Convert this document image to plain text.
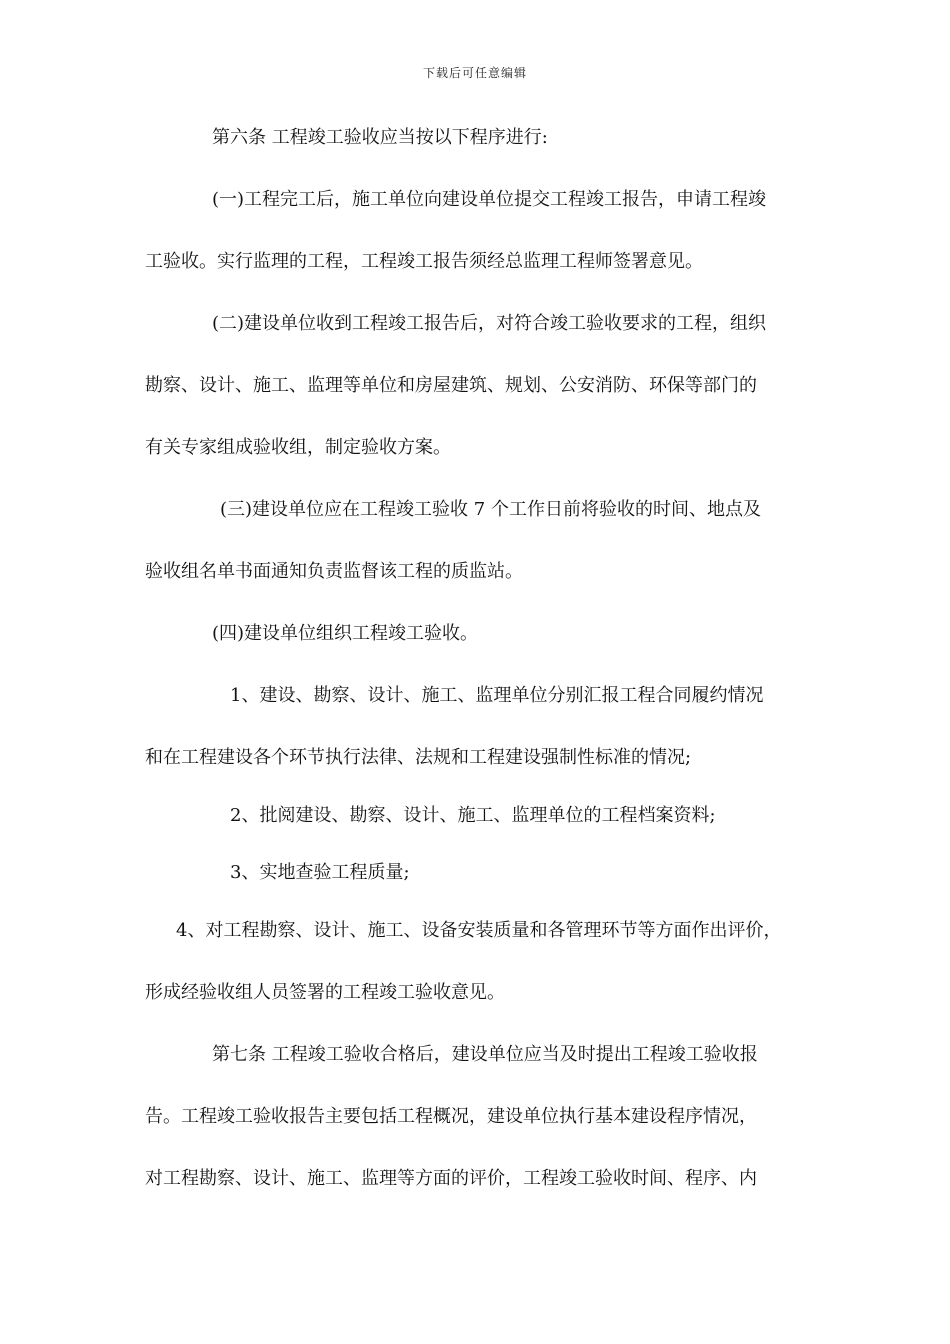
下载后可任意编辑
第六条 工程竣工验收应当按以下程序进行:
(一)工程完工后，施工单位向建设单位提交工程竣工报告，申请工程竣
工验收。实行监理的工程，工程竣工报告须经总监理工程师签署意见。
(二)建设单位收到工程竣工报告后，对符合竣工验收要求的工程，组织
勘察、设计、施工、监理等单位和房屋建筑、规划、公安消防、环保等部门的
有关专家组成验收组，制定验收方案。
(三)建设单位应在工程竣工验收 7 个工作日前将验收的时间、地点及
验收组名单书面通知负责监督该工程的质监站。
(四)建设单位组织工程竣工验收。
1、建设、勘察、设计、施工、监理单位分别汇报工程合同履约情况
和在工程建设各个环节执行法律、法规和工程建设强制性标准的情况;
2、批阅建设、勘察、设计、施工、监理单位的工程档案资料;
3、实地查验工程质量;
4、对工程勘察、设计、施工、设备安装质量和各管理环节等方面作出评价，
形成经验收组人员签署的工程竣工验收意见。
第七条 工程竣工验收合格后，建设单位应当及时提出工程竣工验收报
告。工程竣工验收报告主要包括工程概况，建设单位执行基本建设程序情况，
对工程勘察、设计、施工、监理等方面的评价，工程竣工验收时间、程序、内
